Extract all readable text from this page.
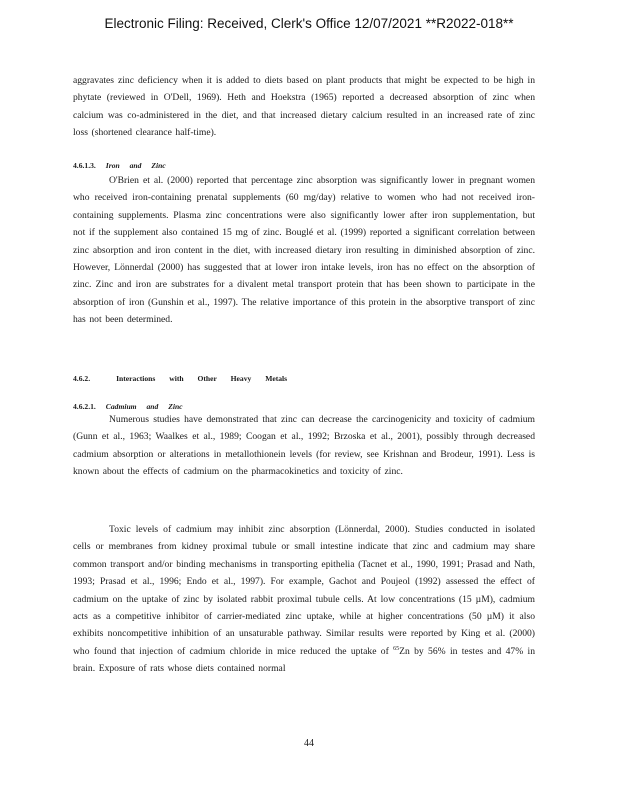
Electronic Filing: Received, Clerk's Office 12/07/2021 **R2022-018**

aggravates zinc deficiency when it is added to diets based on plant products that might be expected to be high in phytate (reviewed in O'Dell, 1969). Heth and Hoekstra (1965) reported a decreased absorption of zinc when calcium was co-administered in the diet, and that increased dietary calcium resulted in an increased rate of zinc loss (shortened clearance half-time).

4.6.1.3. Iron and Zinc

O'Brien et al. (2000) reported that percentage zinc absorption was significantly lower in pregnant women who received iron-containing prenatal supplements (60 mg/day) relative to women who had not received iron-containing supplements. Plasma zinc concentrations were also significantly lower after iron supplementation, but not if the supplement also contained 15 mg of zinc. Bouglé et al. (1999) reported a significant correlation between zinc absorption and iron content in the diet, with increased dietary iron resulting in diminished absorption of zinc. However, Lönnerdal (2000) has suggested that at lower iron intake levels, iron has no effect on the absorption of zinc. Zinc and iron are substrates for a divalent metal transport protein that has been shown to participate in the absorption of iron (Gunshin et al., 1997). The relative importance of this protein in the absorptive transport of zinc has not been determined.

4.6.2.	Interactions with Other Heavy Metals
4.6.2.1. Cadmium and Zinc

Numerous studies have demonstrated that zinc can decrease the carcinogenicity and toxicity of cadmium (Gunn et al., 1963; Waalkes et al., 1989; Coogan et al., 1992; Brzoska et al., 2001), possibly through decreased cadmium absorption or alterations in metallothionein levels (for review, see Krishnan and Brodeur, 1991). Less is known about the effects of cadmium on the pharmacokinetics and toxicity of zinc.

Toxic levels of cadmium may inhibit zinc absorption (Lönnerdal, 2000). Studies conducted in isolated cells or membranes from kidney proximal tubule or small intestine indicate that zinc and cadmium may share common transport and/or binding mechanisms in transporting epithelia (Tacnet et al., 1990, 1991; Prasad and Nath, 1993; Prasad et al., 1996; Endo et al., 1997). For example, Gachot and Poujeol (1992) assessed the effect of cadmium on the uptake of zinc by isolated rabbit proximal tubule cells. At low concentrations (15 µM), cadmium acts as a competitive inhibitor of carrier-mediated zinc uptake, while at higher concentrations (50 µM) it also exhibits noncompetitive inhibition of an unsaturable pathway. Similar results were reported by King et al. (2000) who found that injection of cadmium chloride in mice reduced the uptake of $^{65}$Zn by 56% in testes and 47% in brain. Exposure of rats whose diets contained normal

44
